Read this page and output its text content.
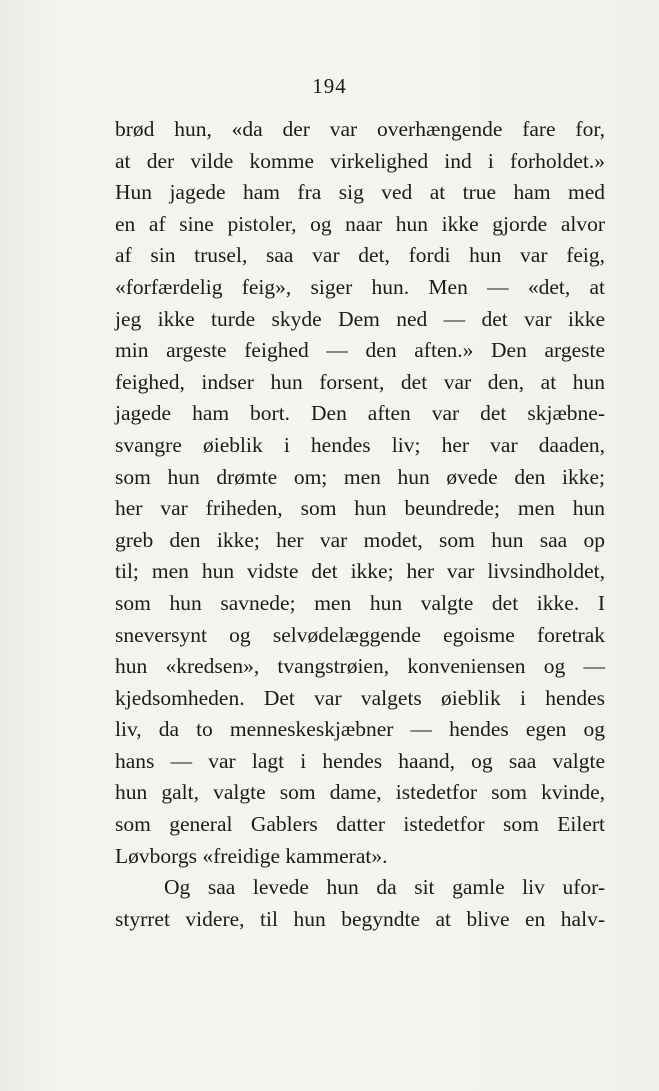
194
brød hun, «da der var overhængende fare for,
at der vilde komme virkelighed ind i forholdet.»
Hun jagede ham fra sig ved at true ham med
en af sine pistoler, og naar hun ikke gjorde alvor
af sin trusel, saa var det, fordi hun var feig,
«forfærdelig feig», siger hun. Men — «det, at
jeg ikke turde skyde Dem ned — det var ikke
min argeste feighed — den aften.» Den argeste
feighed, indser hun forsent, det var den, at hun
jagede ham bort. Den aften var det skjæbne-
svangre øieblik i hendes liv; her var daaden,
som hun drømte om; men hun øvede den ikke;
her var friheden, som hun beundrede; men hun
greb den ikke; her var modet, som hun saa op
til; men hun vidste det ikke; her var livsindholdet,
som hun savnede; men hun valgte det ikke. I
sneversynt og selvødelæggende egoisme foretrak
hun «kredsen», tvangstrøien, konveniensen og —
kjedsomheden. Det var valgets øieblik i hendes
liv, da to menneskeskjæbner — hendes egen og
hans — var lagt i hendes haand, og saa valgte
hun galt, valgte som dame, istedetfor som kvinde,
som general Gablers datter istedetfor som Eilert
Løvborgs «freidige kammerat».
Og saa levede hun da sit gamle liv ufor-
styrret videre, til hun begyndte at blive en halv-
